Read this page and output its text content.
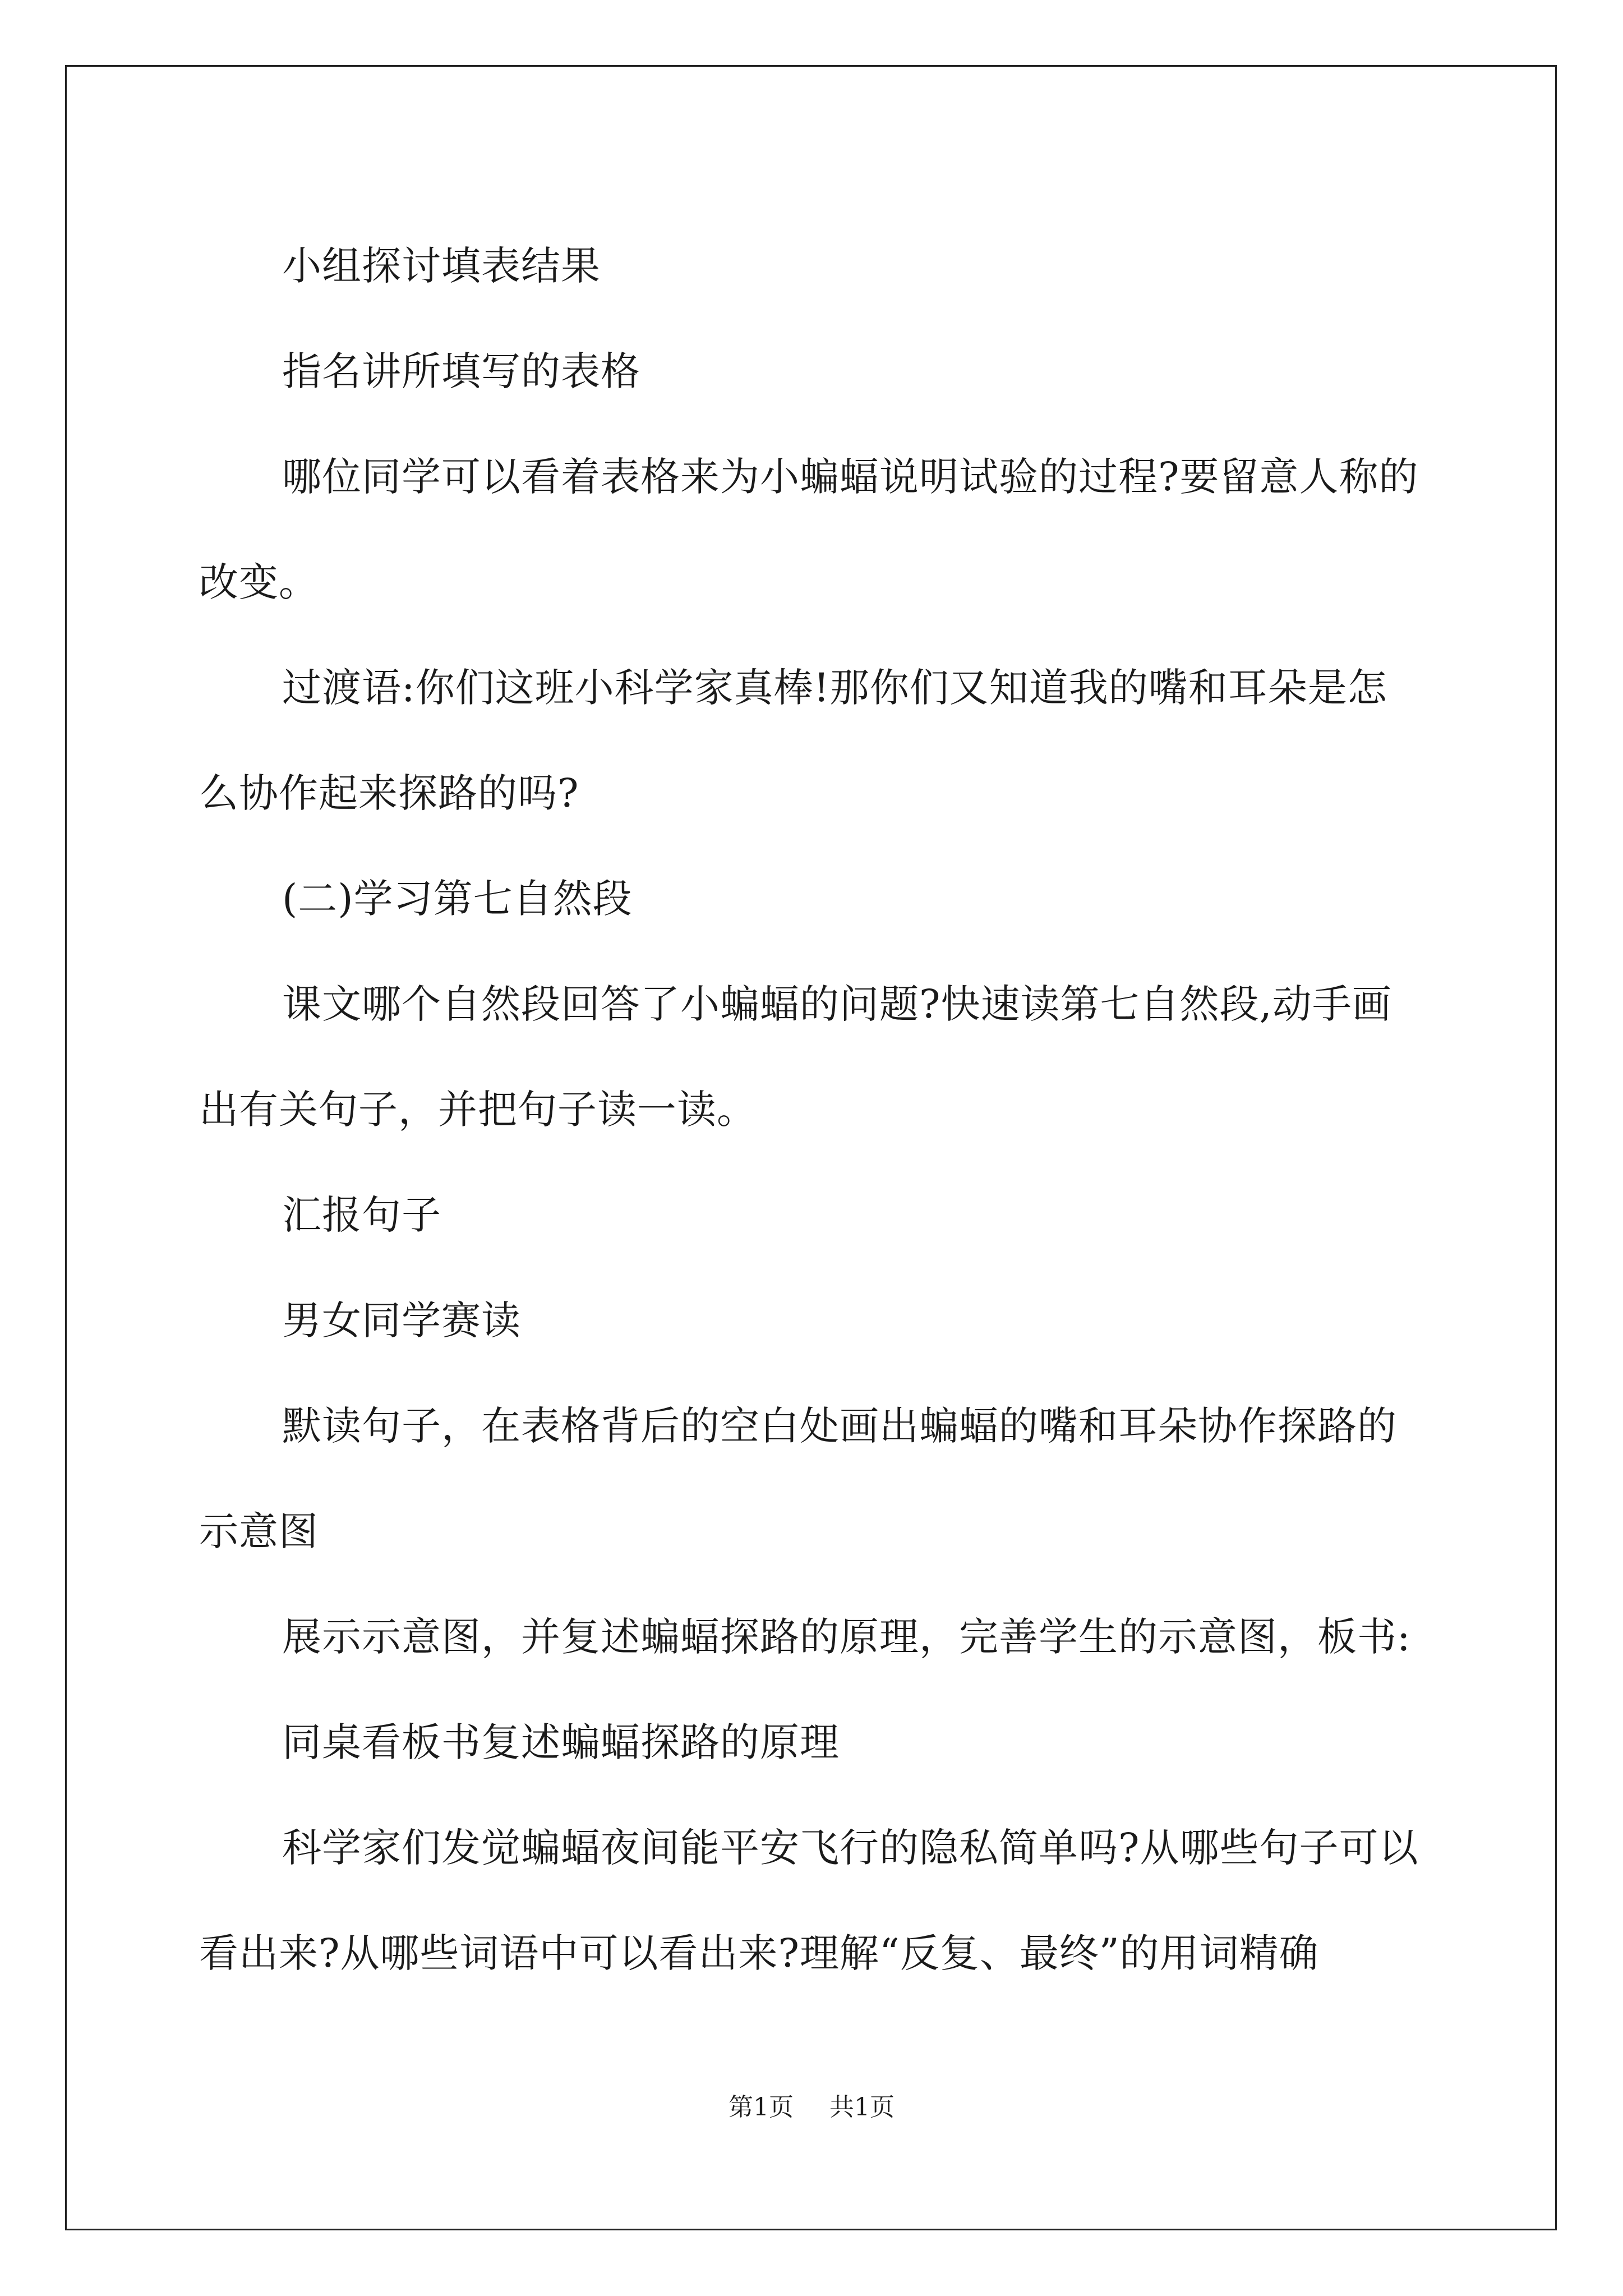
小组探讨填表结果

指名讲所填写的表格

哪位同学可以看着表格来为小蝙蝠说明试验的过程?要留意人称的改变。

过渡语:你们这班小科学家真棒!那你们又知道我的嘴和耳朵是怎么协作起来探路的吗?

(二)学习第七自然段

课文哪个自然段回答了小蝙蝠的问题?快速读第七自然段,动手画出有关句子，并把句子读一读。

汇报句子

男女同学赛读

默读句子，在表格背后的空白处画出蝙蝠的嘴和耳朵协作探路的示意图

展示示意图，并复述蝙蝠探路的原理，完善学生的示意图，板书:

同桌看板书复述蝙蝠探路的原理

科学家们发觉蝙蝠夜间能平安飞行的隐私简单吗?从哪些句子可以看出来?从哪些词语中可以看出来?理解“反复、最终”的用词精确

第1页 共1页
